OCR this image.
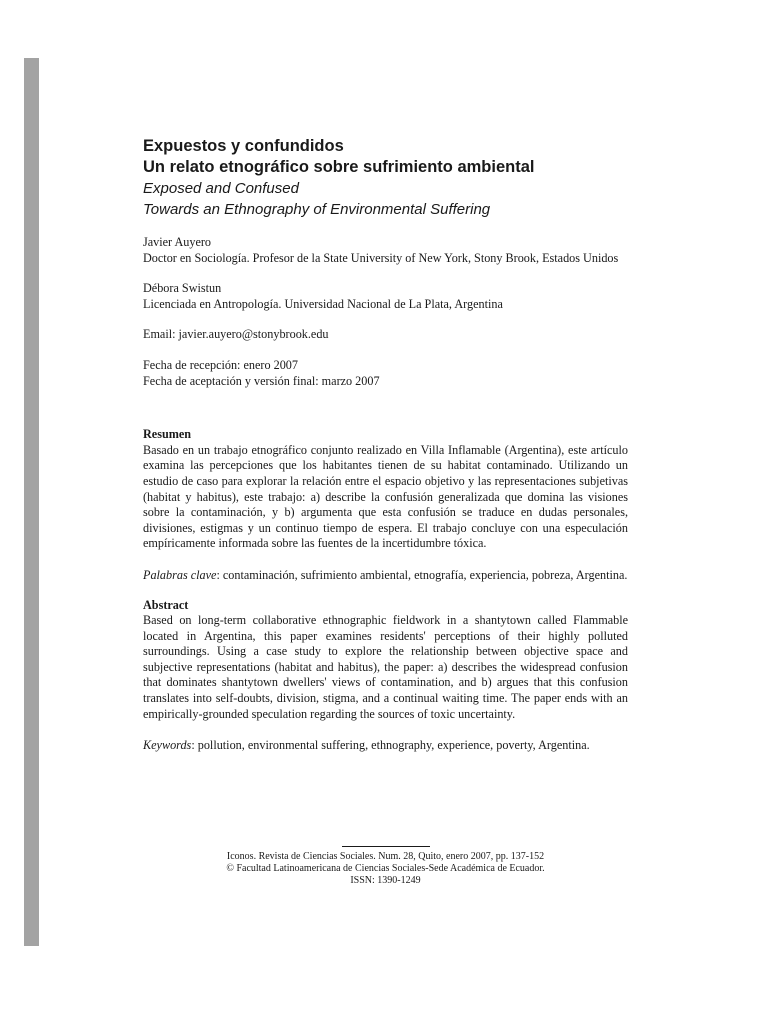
Expuestos y confundidos

Un relato etnográfico sobre sufrimiento ambiental

Exposed and Confused

Towards an Ethnography of Environmental Suffering

Javier Auyero
Doctor en Sociología. Profesor de la State University of New York, Stony Brook, Estados Unidos
Débora Swistun
Licenciada en Antropología. Universidad Nacional de La Plata, Argentina
Email: javier.auyero@stonybrook.edu
Fecha de recepción: enero 2007
Fecha de aceptación y versión final: marzo 2007
Resumen

Basado en un trabajo etnográfico conjunto realizado en Villa Inflamable (Argentina), este artículo examina las percepciones que los habitantes tienen de su habitat contaminado. Utilizando un estudio de caso para explorar la relación entre el espacio objetivo y las representaciones subjetivas (habitat y habitus), este trabajo: a) describe la confusión generalizada que domina las visiones sobre la contaminación, y b) argumenta que esta confusión se traduce en dudas personales, divisiones, estigmas y un continuo tiempo de espera. El trabajo concluye con una especulación empíricamente informada sobre las fuentes de la incertidumbre tóxica.

Palabras clave: contaminación, sufrimiento ambiental, etnografía, experiencia, pobreza, Argentina.

Abstract

Based on long-term collaborative ethnographic fieldwork in a shantytown called Flammable located in Argentina, this paper examines residents' perceptions of their highly polluted surroundings. Using a case study to explore the relationship between objective space and subjective representations (habitat and habitus), the paper: a) describes the widespread confusion that dominates shantytown dwellers' views of contamination, and b) argues that this confusion translates into self-doubts, division, stigma, and a continual waiting time. The paper ends with an empirically-grounded speculation regarding the sources of toxic uncertainty.

Keywords: pollution, environmental suffering, ethnography, experience, poverty, Argentina.

Iconos. Revista de Ciencias Sociales. Num. 28, Quito, enero 2007, pp. 137-152
© Facultad Latinoamericana de Ciencias Sociales-Sede Académica de Ecuador.
ISSN: 1390-1249
